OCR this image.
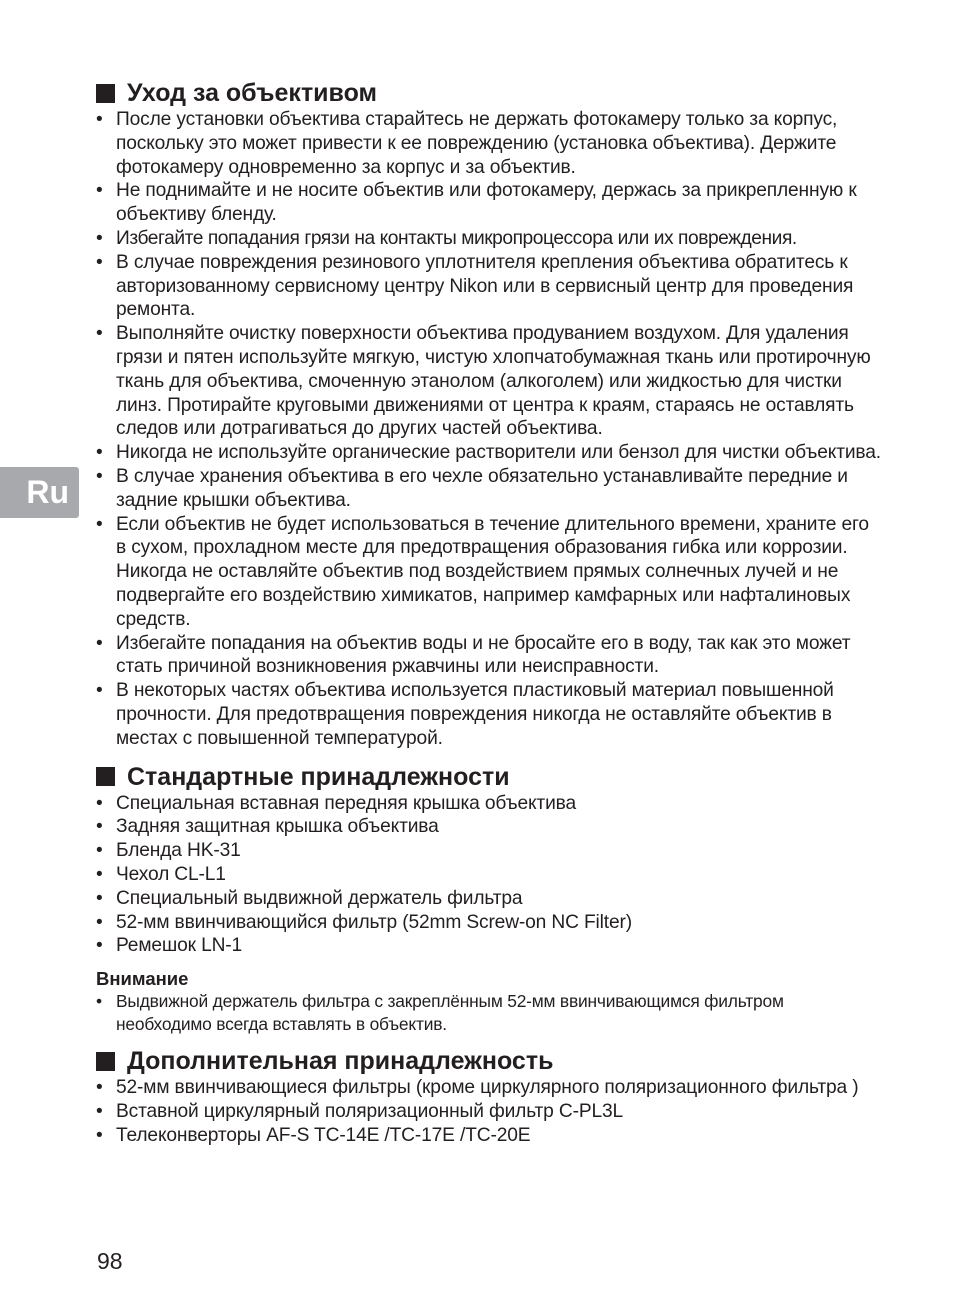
Ru
Уход за объективом
• После установки объектива старайтесь не держать фотокамеру только за корпус, поскольку это может привести к ее повреждению (установка объектива). Держите фотокамеру одновременно за корпус и за объектив.
• Не поднимайте и не носите объектив или фотокамеру, держась за прикрепленную к объективу бленду.
• Избегайте попадания грязи на контакты микропроцессора или их повреждения.
• В случае повреждения резинового уплотнителя крепления объектива обратитесь к авторизованному сервисному центру Nikon или в сервисный центр для проведения ремонта.
• Выполняйте очистку поверхности объектива продуванием воздухом. Для удаления грязи и пятен используйте мягкую, чистую хлопчатобумажная ткань или протирочную ткань для объектива, смоченную этанолом (алкоголем) или жидкостью для чистки линз. Протирайте круговыми движениями от центра к краям, стараясь не оставлять следов или дотрагиваться до других частей объектива.
• Никогда не используйте органические растворители или бензол для чистки объектива.
• В случае хранения объектива в его чехле обязательно устанавливайте передние и задние крышки объектива.
• Если объектив не будет использоваться в течение длительного времени, храните его в сухом, прохладном месте для предотвращения образования гибка или коррозии. Никогда не оставляйте объектив под воздействием прямых солнечных лучей и не подвергайте его воздействию химикатов, например камфарных или нафталиновых средств.
• Избегайте попадания на объектив воды и не бросайте его в воду, так как это может стать причиной возникновения ржавчины или неисправности.
• В некоторых частях объектива используется пластиковый материал повышенной прочности. Для предотвращения повреждения никогда не оставляйте объектив в местах с повышенной температурой.
Стандартные принадлежности
• Специальная вставная передняя крышка объектива
• Задняя защитная крышка объектива
• Бленда HK-31
• Чехол CL-L1
• Специальный выдвижной держатель фильтра
• 52-мм ввинчивающийся фильтр (52mm Screw-on NC Filter)
• Ремешок LN-1
Внимание
• Выдвижной держатель фильтра с закреплённым 52-мм ввинчивающимся фильтром необходимо всегда вставлять в объектив.
Дополнительная принадлежность
• 52-мм ввинчивающиеся фильтры (кроме циркулярного поляризационного фильтра )
• Вставной циркулярный поляризационный фильтр C-PL3L
• Телеконверторы AF-S TC-14E /TC-17E /TC-20E
98
